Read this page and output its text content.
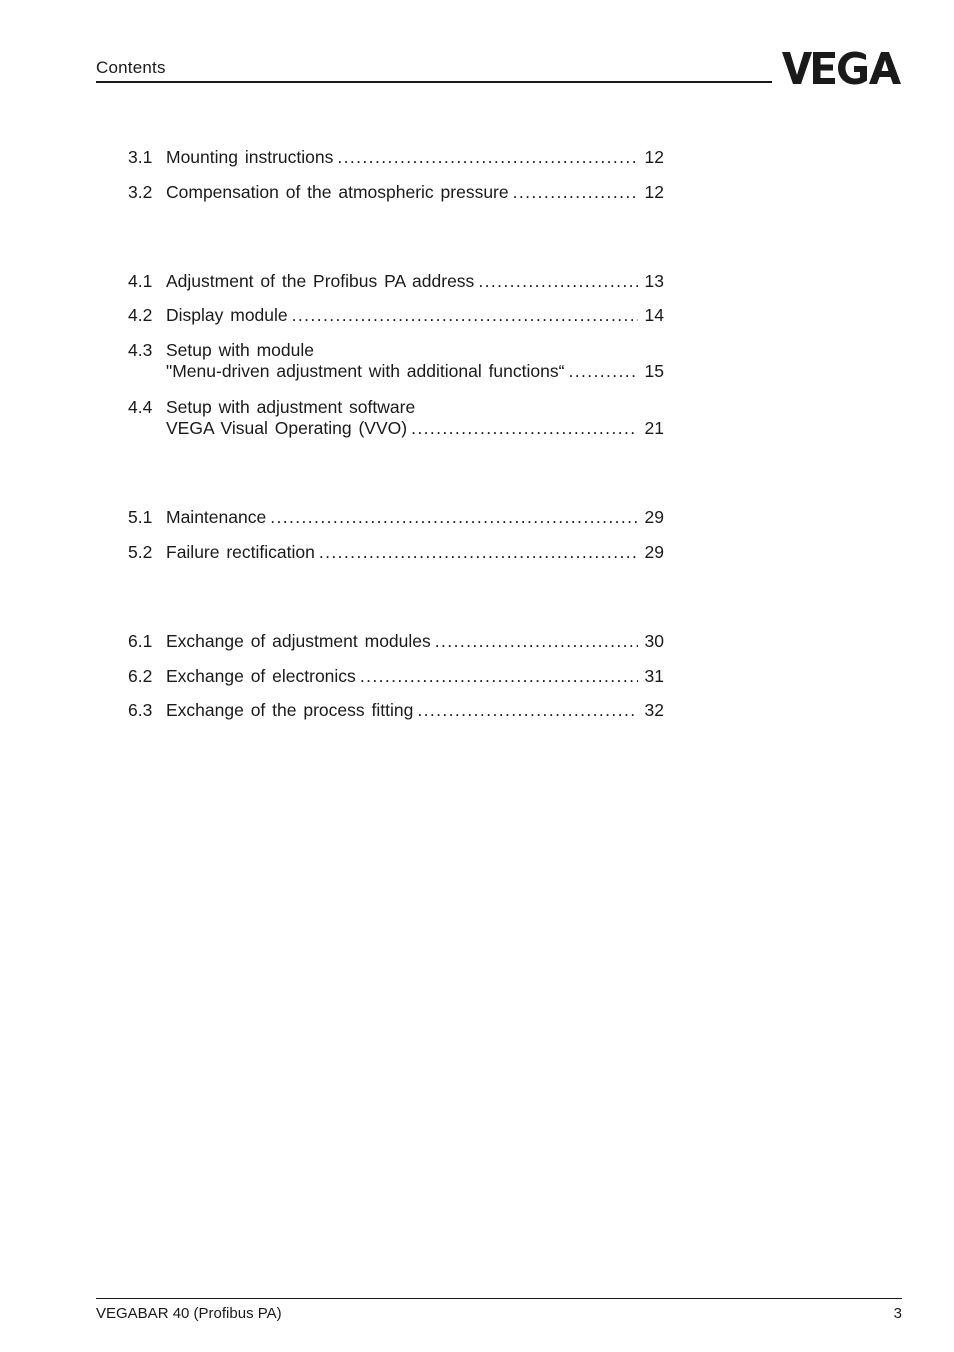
Contents
3.1 Mounting instructions .....	12
3.2 Compensation of the atmospheric pressure .....	12
4.1 Adjustment of the Profibus PA address .....	13
4.2 Display module .....	14
4.3 Setup with module
"Menu-driven adjustment with additional functions“ .....	15
4.4 Setup with adjustment software
VEGA Visual Operating (VVO) .....	21
5.1 Maintenance .....	29
5.2 Failure rectification .....	29
6.1 Exchange of adjustment modules .....	30
6.2 Exchange of electronics .....	31
6.3 Exchange of the process fitting .....	32
VEGABAR 40 (Profibus PA)	3
